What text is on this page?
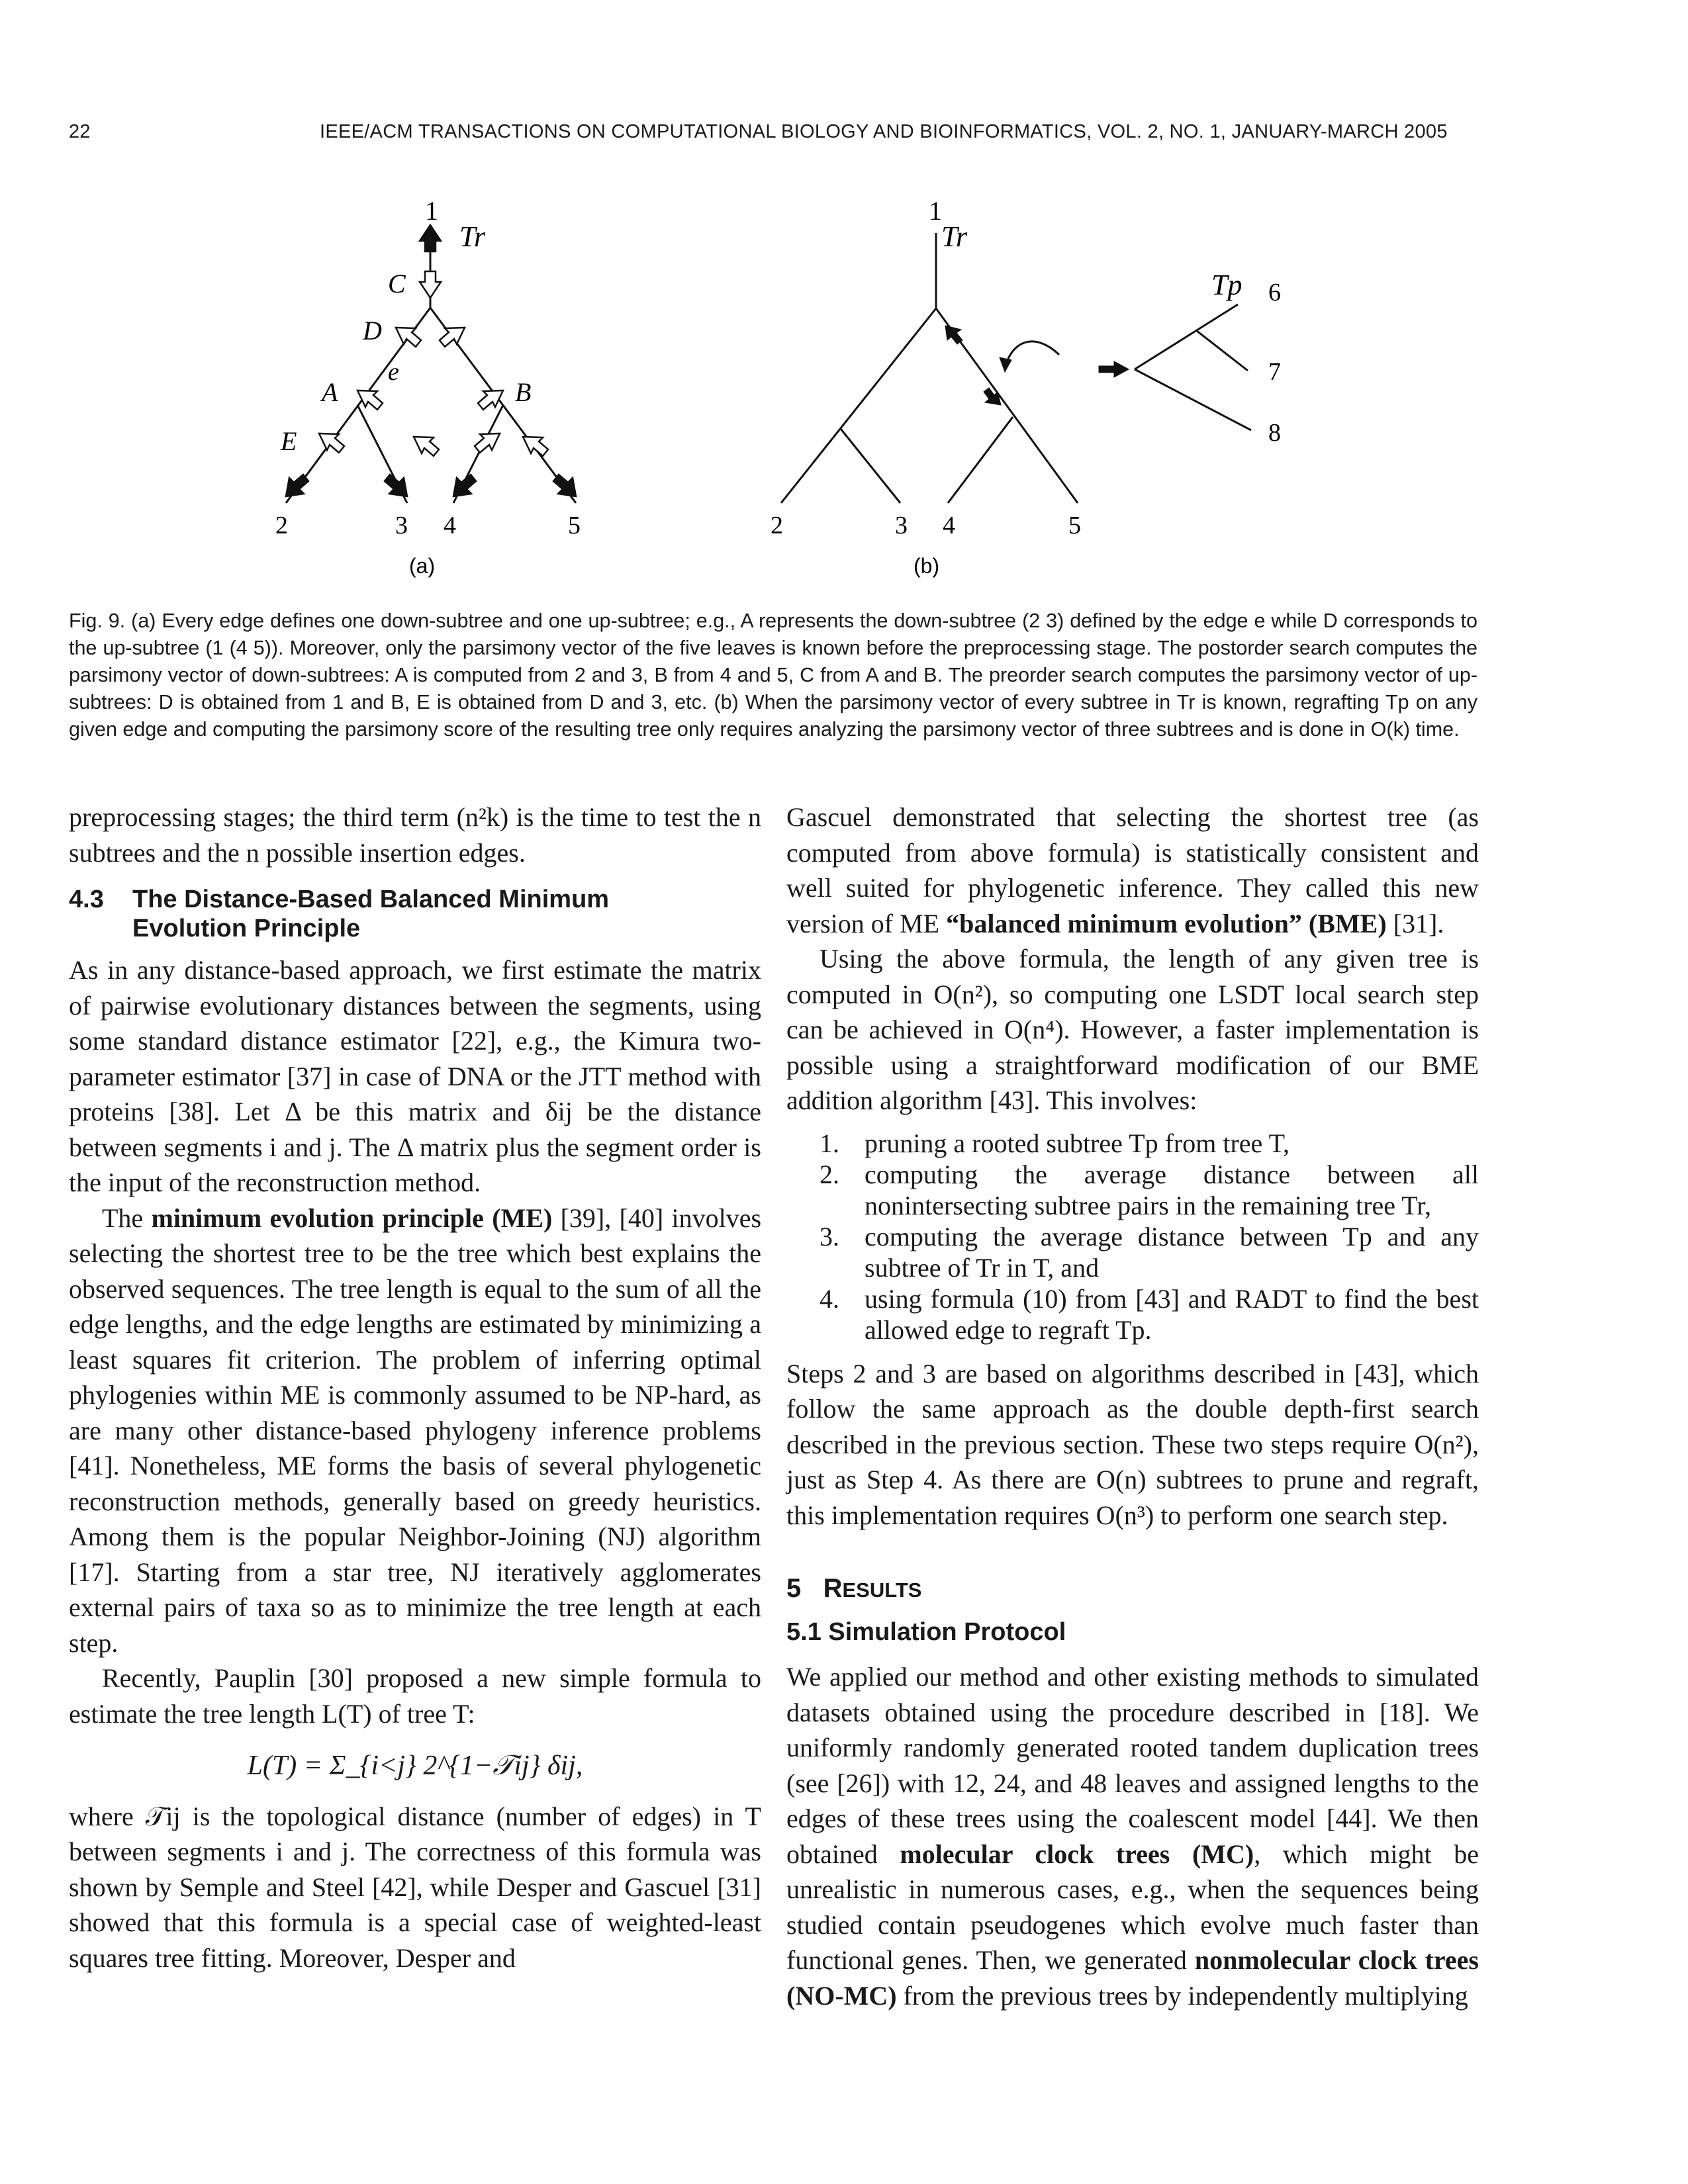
22	IEEE/ACM TRANSACTIONS ON COMPUTATIONAL BIOLOGY AND BIOINFORMATICS, VOL. 2, NO. 1, JANUARY-MARCH 2005
1
Tr
C
D
e
A	B
E
2	3 4	5
(a)
1
Tr
Tp 6
7
8
2	3 4	5
(b)
Fig. 9. (a) Every edge defines one down-subtree and one up-subtree; e.g., A represents the down-subtree (2 3) defined by the edge e while D corresponds to the up-subtree (1 (4 5)). Moreover, only the parsimony vector of the five leaves is known before the preprocessing stage. The postorder search computes the parsimony vector of down-subtrees: A is computed from 2 and 3, B from 4 and 5, C from A and B. The preorder search computes the parsimony vector of up-subtrees: D is obtained from 1 and B, E is obtained from D and 3, etc. (b) When the parsimony vector of every subtree in Tr is known, regrafting Tp on any given edge and computing the parsimony score of the resulting tree only requires analyzing the parsimony vector of three subtrees and is done in O(k) time.

preprocessing stages; the third term (n²k) is the time to test the n subtrees and the n possible insertion edges.

4.3 The Distance-Based Balanced Minimum Evolution Principle

As in any distance-based approach, we first estimate the matrix of pairwise evolutionary distances between the segments, using some standard distance estimator [22], e.g., the Kimura two-parameter estimator [37] in case of DNA or the JTT method with proteins [38]. Let Δ be this matrix and δij be the distance between segments i and j. The Δ matrix plus the segment order is the input of the reconstruction method.

The minimum evolution principle (ME) [39], [40] involves selecting the shortest tree to be the tree which best explains the observed sequences. The tree length is equal to the sum of all the edge lengths, and the edge lengths are estimated by minimizing a least squares fit criterion. The problem of inferring optimal phylogenies within ME is commonly assumed to be NP-hard, as are many other distance-based phylogeny inference problems [41]. Nonetheless, ME forms the basis of several phylogenetic reconstruction methods, generally based on greedy heuristics. Among them is the popular Neighbor-Joining (NJ) algorithm [17]. Starting from a star tree, NJ iteratively agglomerates external pairs of taxa so as to minimize the tree length at each step.

Recently, Pauplin [30] proposed a new simple formula to estimate the tree length L(T) of tree T:

L(T) = Σ_{i<j} 2^{1−𝒯ij} δij,

where 𝒯ij is the topological distance (number of edges) in T between segments i and j. The correctness of this formula was shown by Semple and Steel [42], while Desper and Gascuel [31] showed that this formula is a special case of weighted-least squares tree fitting. Moreover, Desper and

Gascuel demonstrated that selecting the shortest tree (as computed from above formula) is statistically consistent and well suited for phylogenetic inference. They called this new version of ME “balanced minimum evolution” (BME) [31].

Using the above formula, the length of any given tree is computed in O(n²), so computing one LSDT local search step can be achieved in O(n⁴). However, a faster implementation is possible using a straightforward modification of our BME addition algorithm [43]. This involves:

1. pruning a rooted subtree Tp from tree T,
2. computing the average distance between all nonintersecting subtree pairs in the remaining tree Tr,
3. computing the average distance between Tp and any subtree of Tr in T, and
4. using formula (10) from [43] and RADT to find the best allowed edge to regraft Tp.

Steps 2 and 3 are based on algorithms described in [43], which follow the same approach as the double depth-first search described in the previous section. These two steps require O(n²), just as Step 4. As there are O(n) subtrees to prune and regraft, this implementation requires O(n³) to perform one search step.

5 RESULTS
5.1 Simulation Protocol

We applied our method and other existing methods to simulated datasets obtained using the procedure described in [18]. We uniformly randomly generated rooted tandem duplication trees (see [26]) with 12, 24, and 48 leaves and assigned lengths to the edges of these trees using the coalescent model [44]. We then obtained molecular clock trees (MC), which might be unrealistic in numerous cases, e.g., when the sequences being studied contain pseudogenes which evolve much faster than functional genes. Then, we generated nonmolecular clock trees (NO-MC) from the previous trees by independently multiplying
